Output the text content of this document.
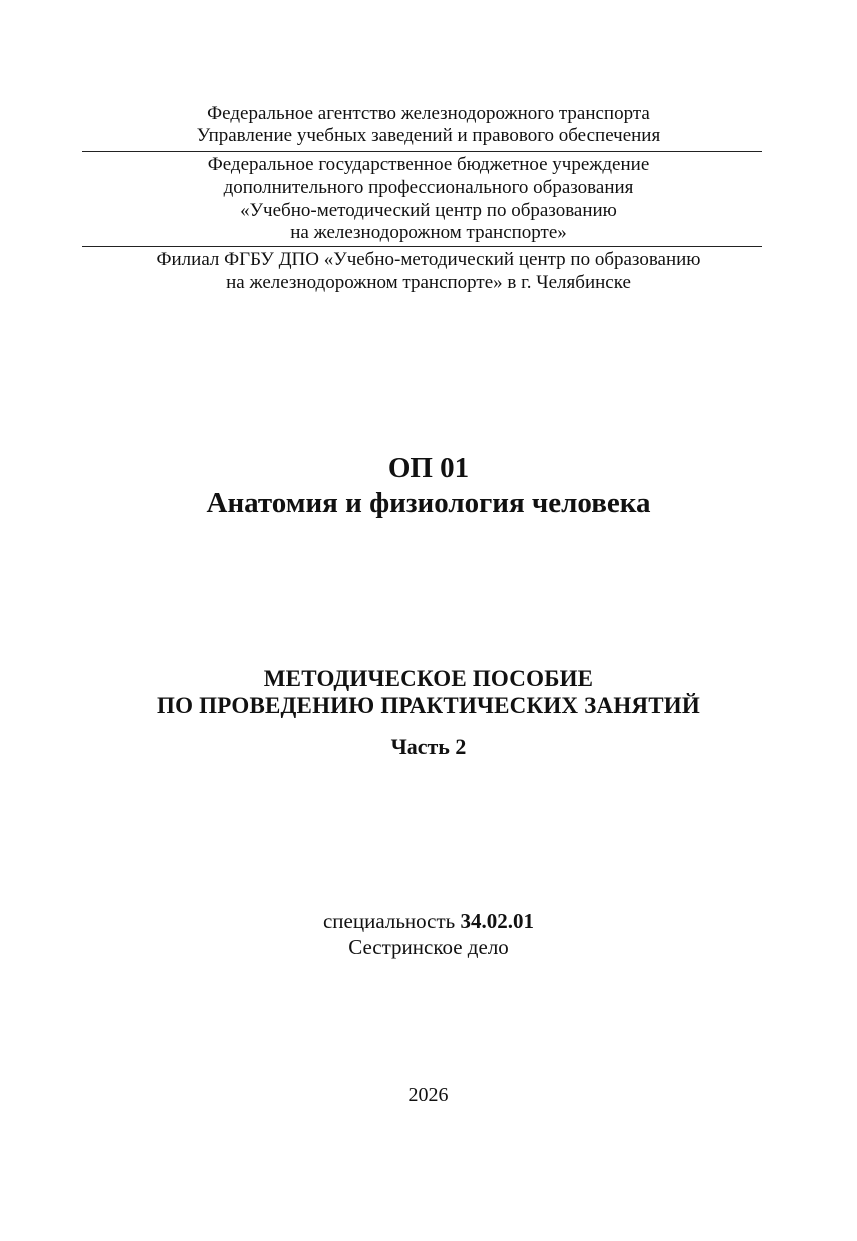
Федеральное агентство железнодорожного транспорта
Управление учебных заведений и правового обеспечения
Федеральное государственное бюджетное учреждение
дополнительного профессионального образования
«Учебно-методический центр по образованию
на железнодорожном транспорте»
Филиал ФГБУ ДПО «Учебно-методический центр по образованию
на железнодорожном транспорте» в г. Челябинске
ОП 01
Анатомия и физиология человека
МЕТОДИЧЕСКОЕ ПОСОБИЕ
ПО ПРОВЕДЕНИЮ ПРАКТИЧЕСКИХ ЗАНЯТИЙ
Часть 2
специальность 34.02.01
Сестринское дело
2026
